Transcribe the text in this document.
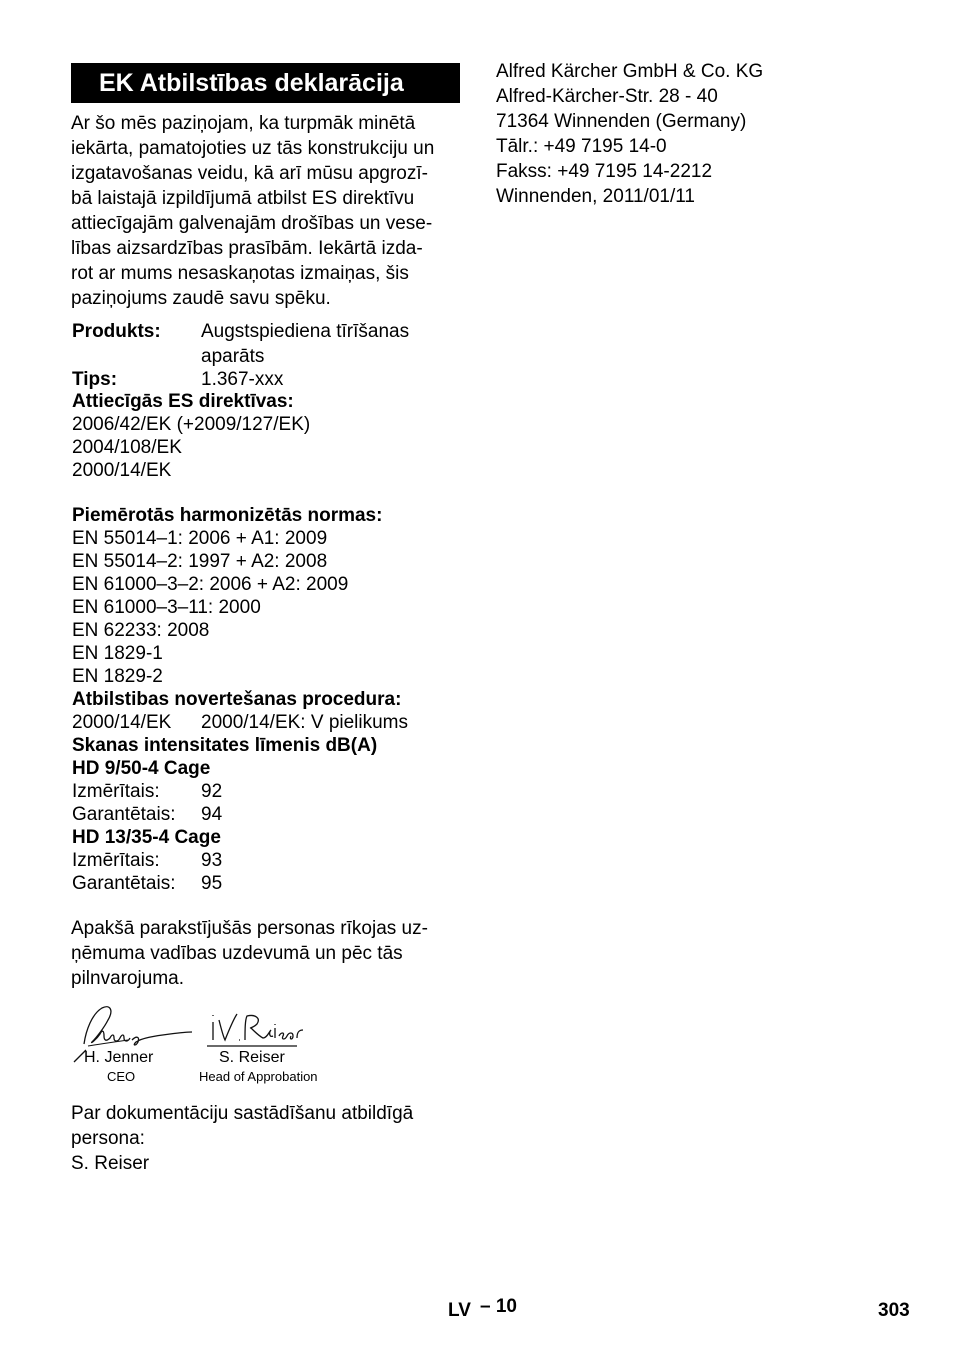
EK Atbilstības deklarācija
Ar šo mēs paziņojam, ka turpmāk minētā
iekārta, pamatojoties uz tās konstrukciju un
izgatavošanas veidu, kā arī mūsu apgrozī-
bā laistajā izpildījumā atbilst ES direktīvu
attiecīgajām galvenajām drošības un vese-
lības aizsardzības prasībām. Iekārtā izda-
rot ar mums nesaskaņotas izmaiņas, šis
paziņojums zaudē savu spēku.
Produkts: Augstspiediena tīrīšanas
aparāts
Tips:	1.367-xxx
Attiecīgās ES direktīvas:
2006/42/EK (+2009/127/EK)
2004/108/EK
2000/14/EK
Piemērotās harmonizētās normas:
EN 55014–1: 2006 + A1: 2009
EN 55014–2: 1997 + A2: 2008
EN 61000–3–2: 2006 + A2: 2009
EN 61000–3–11: 2000
EN 62233: 2008
EN 1829-1
EN 1829-2
Atbilstibas novertešanas procedura:
2000/14/EK 2000/14/EK: V pielikums
Skanas intensitates līmenis dB(A)
HD 9/50-4 Cage
Izmērītais: 92
Garantētais: 94
HD 13/35-4 Cage
Izmērītais: 93
Garantētais: 95
Apakšā parakstījušās personas rīkojas uz-
ņēmuma vadības uzdevumā un pēc tās
pilnvarojuma.
H. Jenner
CEO
S. Reiser
Head of Approbation
Par dokumentāciju sastādīšanu atbildīgā
persona:
S. Reiser
Alfred Kärcher GmbH & Co. KG
Alfred-Kärcher-Str. 28 - 40
71364 Winnenden (Germany)
Tālr.: +49 7195 14-0
Fakss: +49 7195 14-2212
Winnenden, 2011/01/11
LV – 10	303
